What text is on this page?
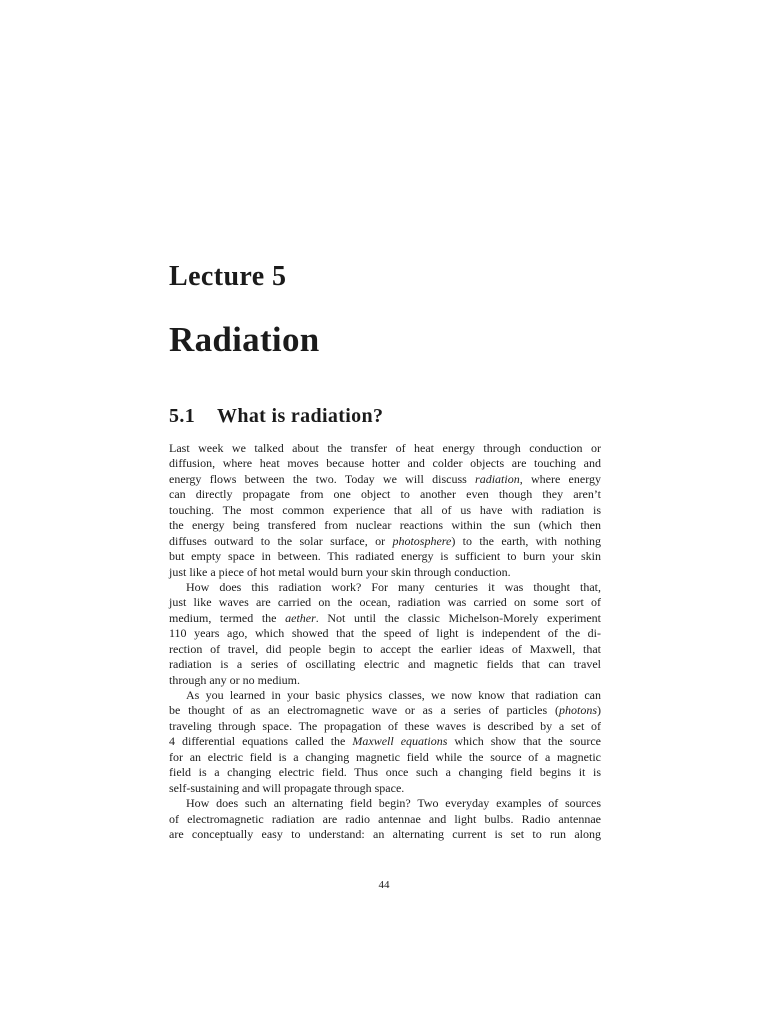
Lecture 5
Radiation
5.1 What is radiation?
Last week we talked about the transfer of heat energy through conduction or
diffusion, where heat moves because hotter and colder objects are touching and
energy flows between the two. Today we will discuss radiation, where energy
can directly propagate from one object to another even though they aren’t
touching. The most common experience that all of us have with radiation is
the energy being transfered from nuclear reactions within the sun (which then
diffuses outward to the solar surface, or photosphere) to the earth, with nothing
but empty space in between. This radiated energy is sufficient to burn your skin
just like a piece of hot metal would burn your skin through conduction.
How does this radiation work? For many centuries it was thought that,
just like waves are carried on the ocean, radiation was carried on some sort of
medium, termed the aether. Not until the classic Michelson-Morely experiment
110 years ago, which showed that the speed of light is independent of the di-
rection of travel, did people begin to accept the earlier ideas of Maxwell, that
radiation is a series of oscillating electric and magnetic fields that can travel
through any or no medium.
As you learned in your basic physics classes, we now know that radiation can
be thought of as an electromagnetic wave or as a series of particles (photons)
traveling through space. The propagation of these waves is described by a set of
4 differential equations called the Maxwell equations which show that the source
for an electric field is a changing magnetic field while the source of a magnetic
field is a changing electric field. Thus once such a changing field begins it is
self-sustaining and will propagate through space.
How does such an alternating field begin? Two everyday examples of sources
of electromagnetic radiation are radio antennae and light bulbs. Radio antennae
are conceptually easy to understand: an alternating current is set to run along
44
